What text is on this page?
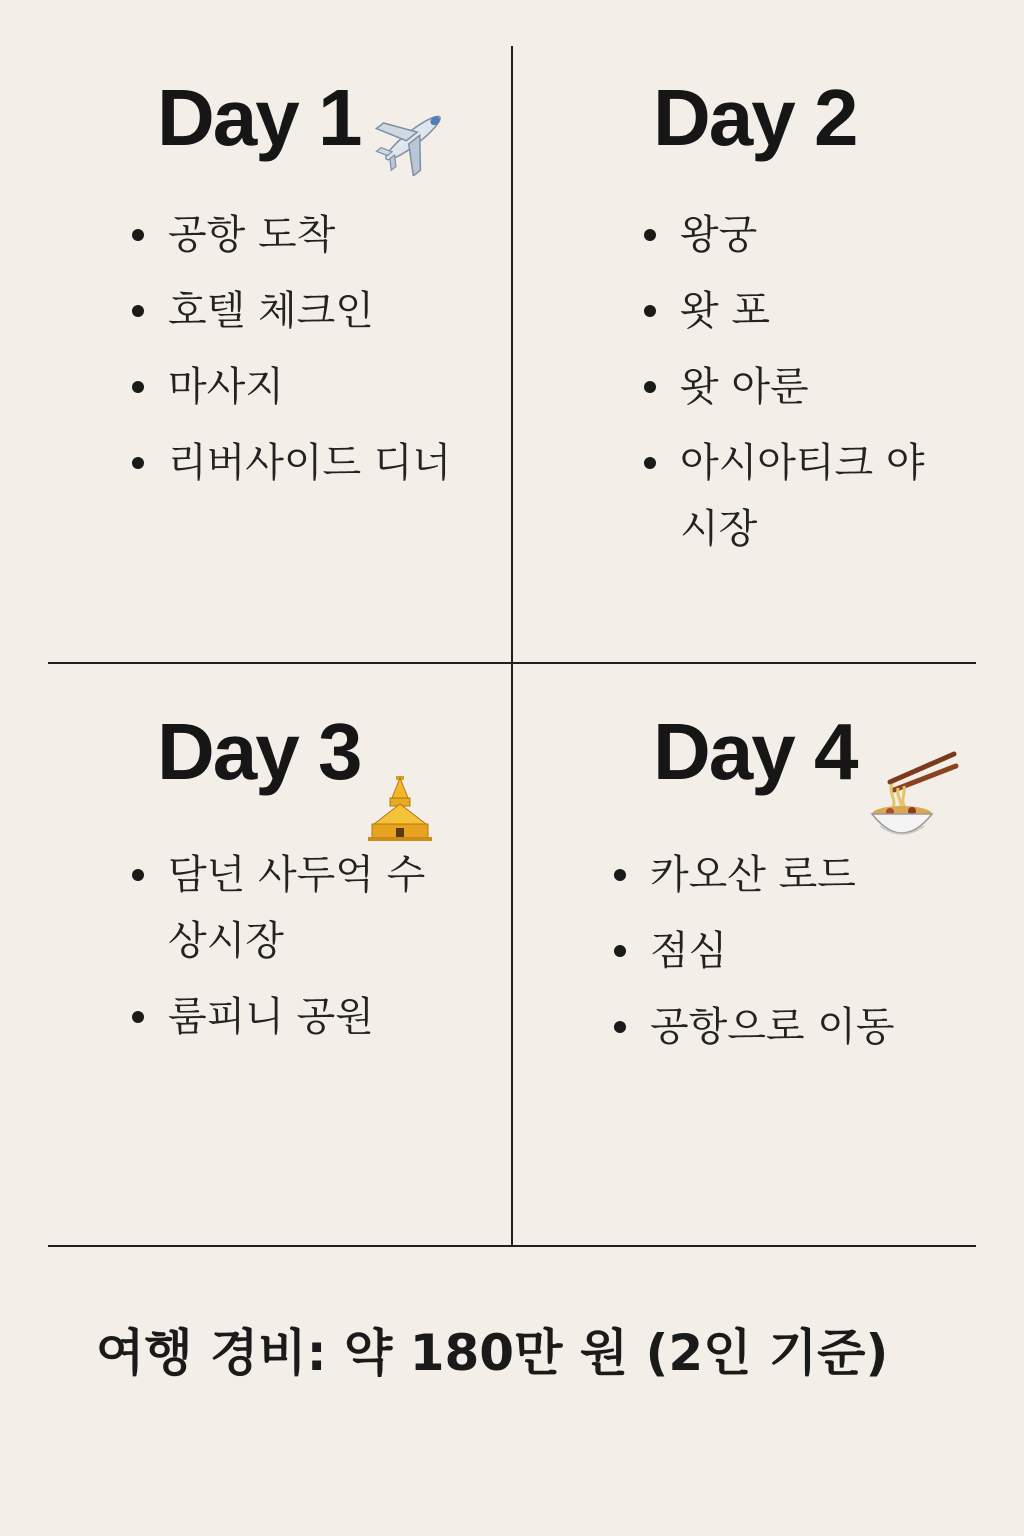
Day 1
공항 도착
호텔 체크인
마사지
리버사이드 디너
Day 2
왕궁
왓 포
왓 아룬
아시아티크 야시장
Day 3
담넌 사두억 수상시장
룸피니 공원
Day 4
카오산 로드
점심
공항으로 이동
여행 경비: 약 180만 원 (2인 기준)
